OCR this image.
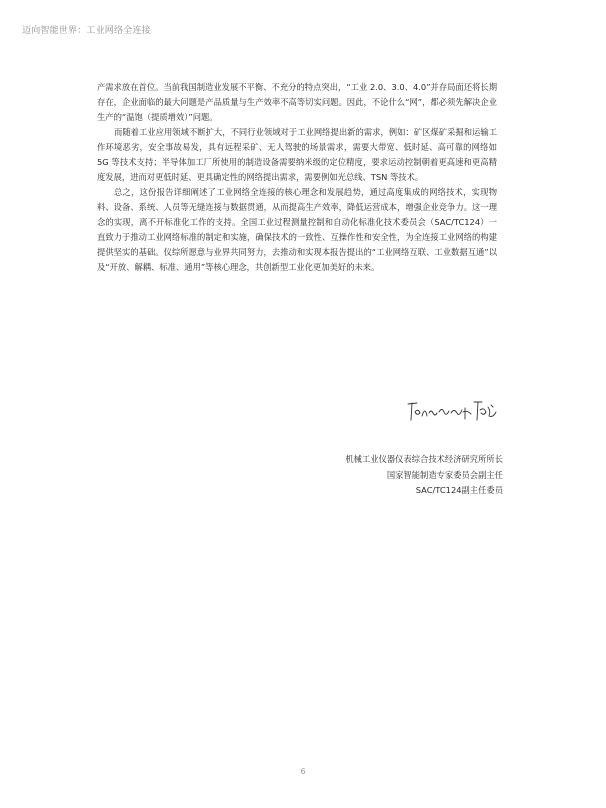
迈向智能世界：工业网络全连接

产需求放在首位。当前我国制造业发展不平衡、不充分的特点突出，“工业 2.0、3.0、4.0”并存局面还将长期存在，企业面临的最大问题是产品质量与生产效率不高等切实问题。因此，不论什么“网”，都必须先解决企业生产的“温饱（提质增效）”问题。

而随着工业应用领域不断扩大，不同行业领域对于工业网络提出新的需求，例如：矿区煤矿采掘和运输工作环境恶劣，安全事故易发，具有远程采矿、无人驾驶的场景需求，需要大带宽、低时延、高可靠的网络如 5G 等技术支持；半导体加工厂所使用的制造设备需要纳米级的定位精度，要求运动控制朝着更高速和更高精度发展，进而对更低时延、更具确定性的网络提出需求，需要例如光总线、TSN 等技术。

总之，这份报告详细阐述了工业网络全连接的核心理念和发展趋势，通过高度集成的网络技术，实现物料、设备、系统、人员等无缝连接与数据贯通，从而提高生产效率，降低运营成本，增强企业竞争力。这一理念的实现，离不开标准化工作的支持。全国工业过程测量控制和自动化标准化技术委员会（SAC/TC124）一直致力于推动工业网络标准的制定和实施，确保技术的一致性、互操作性和安全性，为全连接工业网络的构建提供坚实的基础。仪综所愿意与业界共同努力，去推动和实现本报告提出的“工业网络互联、工业数据互通”以及“开放、解耦、标准、通用”等核心理念，共创新型工业化更加美好的未来。

机械工业仪器仪表综合技术经济研究所所长
国家智能制造专家委员会副主任
SAC/TC124副主任委员
6
